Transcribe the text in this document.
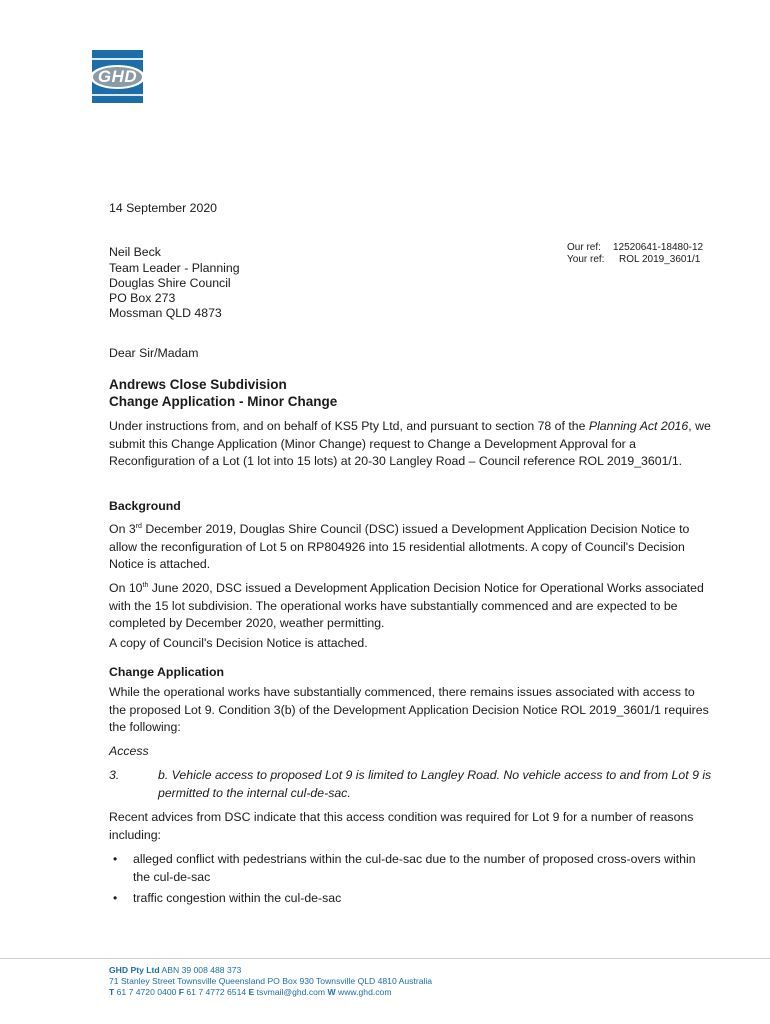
GHD
14 September 2020
Neil Beck
Team Leader - Planning
Douglas Shire Council
PO Box 273
Mossman QLD 4873
Our ref: 12520641-18480-12
Your ref: ROL 2019_3601/1
Dear Sir/Madam
Andrews Close Subdivision
Change Application - Minor Change

Under instructions from, and on behalf of KS5 Pty Ltd, and pursuant to section 78 of the Planning Act 2016, we submit this Change Application (Minor Change) request to Change a Development Approval for a Reconfiguration of a Lot (1 lot into 15 lots) at 20-30 Langley Road – Council reference ROL 2019_3601/1.

Background

On 3rd December 2019, Douglas Shire Council (DSC) issued a Development Application Decision Notice to allow the reconfiguration of Lot 5 on RP804926 into 15 residential allotments. A copy of Council's Decision Notice is attached.

On 10th June 2020, DSC issued a Development Application Decision Notice for Operational Works associated with the 15 lot subdivision. The operational works have substantially commenced and are expected to be completed by December 2020, weather permitting.

A copy of Council's Decision Notice is attached.

Change Application

While the operational works have substantially commenced, there remains issues associated with access to the proposed Lot 9. Condition 3(b) of the Development Application Decision Notice ROL 2019_3601/1 requires the following:

Access
3.	b. Vehicle access to proposed Lot 9 is limited to Langley Road. No vehicle access to and from Lot 9 is permitted to the internal cul-de-sac.

Recent advices from DSC indicate that this access condition was required for Lot 9 for a number of reasons including:

• alleged conflict with pedestrians within the cul-de-sac due to the number of proposed cross-overs within the cul-de-sac

• traffic congestion within the cul-de-sac

GHD Pty Ltd ABN 39 008 488 373
71 Stanley Street Townsville Queensland PO Box 930 Townsville QLD 4810 Australia
T 61 7 4720 0400 F 61 7 4772 6514 E tsvmail@ghd.com W www.ghd.com
